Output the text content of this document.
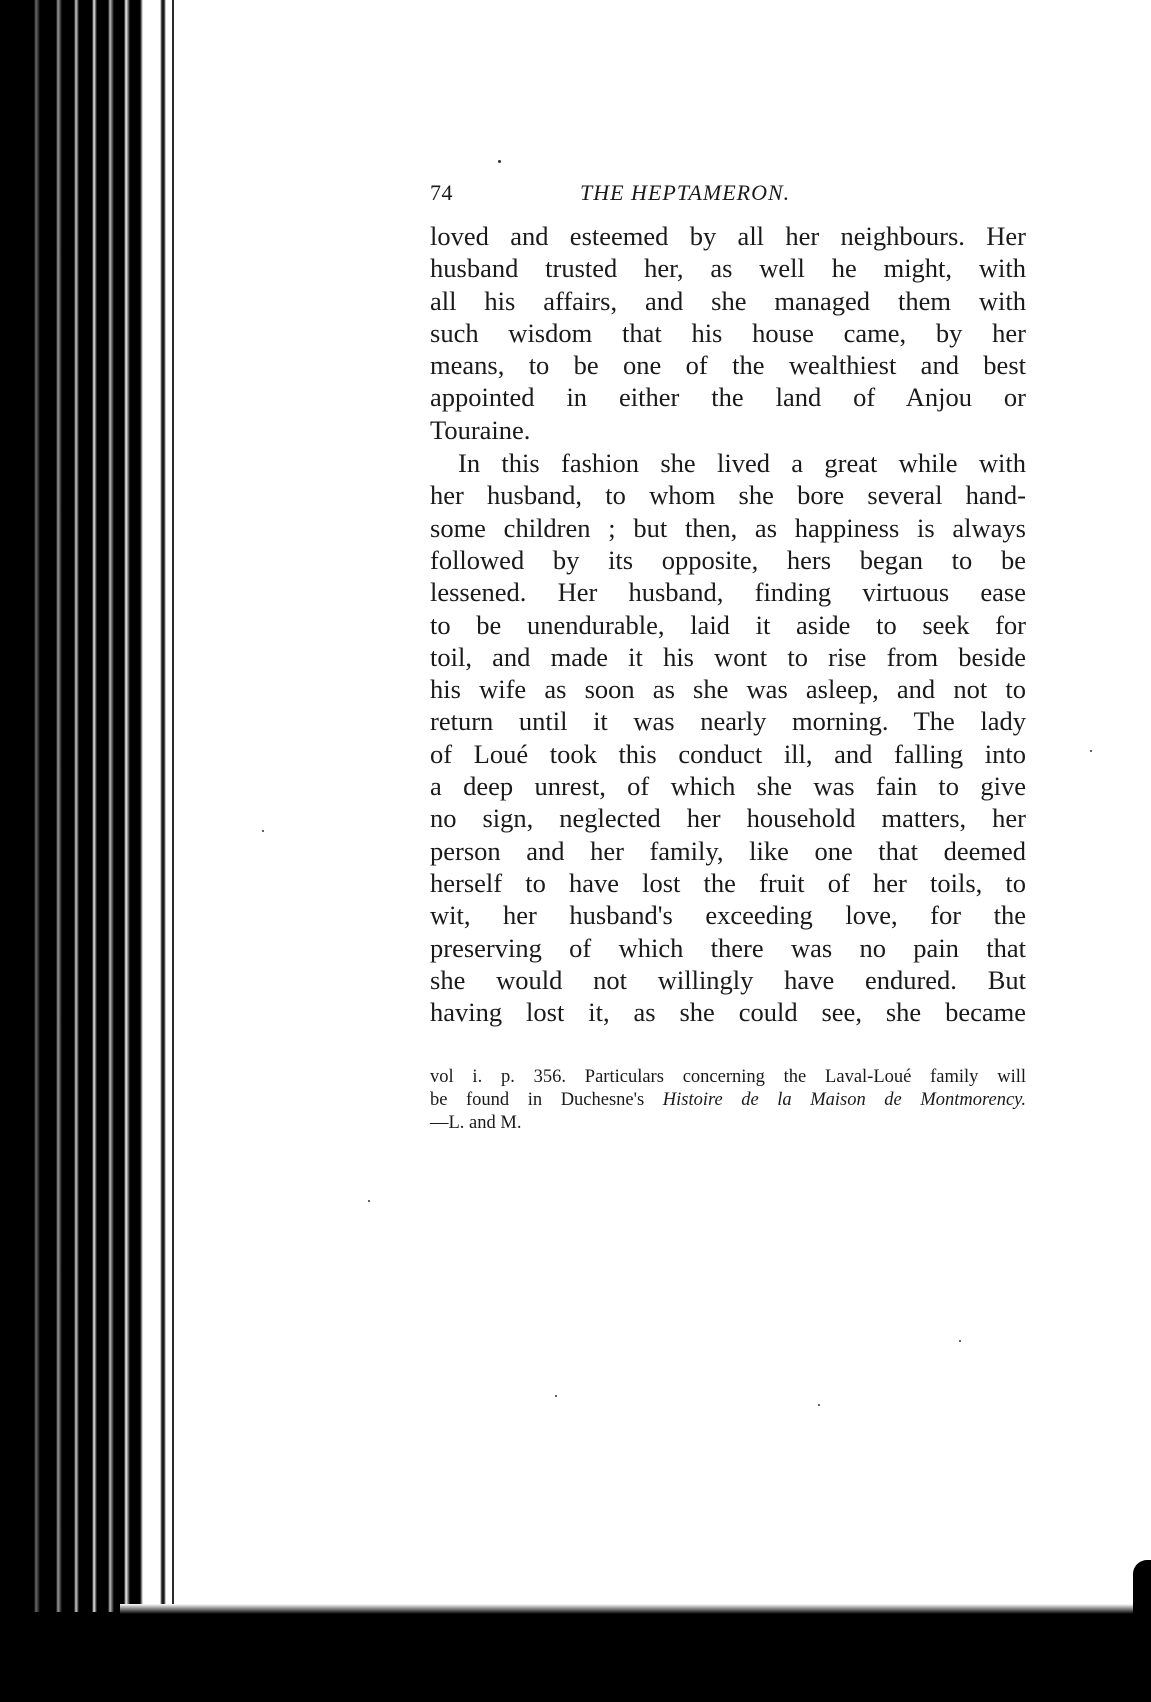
74	THE HEPTAMERON.
loved and esteemed by all her neighbours. Her
husband trusted her, as well he might, with
all his affairs, and she managed them with
such wisdom that his house came, by her
means, to be one of the wealthiest and best
appointed in either the land of Anjou or
Touraine.
In this fashion she lived a great while with
her husband, to whom she bore several hand-
some children ; but then, as happiness is always
followed by its opposite, hers began to be
lessened. Her husband, finding virtuous ease
to be unendurable, laid it aside to seek for
toil, and made it his wont to rise from beside
his wife as soon as she was asleep, and not to
return until it was nearly morning. The lady
of Loué took this conduct ill, and falling into
a deep unrest, of which she was fain to give
no sign, neglected her household matters, her
person and her family, like one that deemed
herself to have lost the fruit of her toils, to
wit, her husband's exceeding love, for the
preserving of which there was no pain that
she would not willingly have endured. But
having lost it, as she could see, she became
vol i. p. 356. Particulars concerning the Laval-Loué family will
be found in Duchesne's Histoire de la Maison de Montmorency.
—L. and M.
